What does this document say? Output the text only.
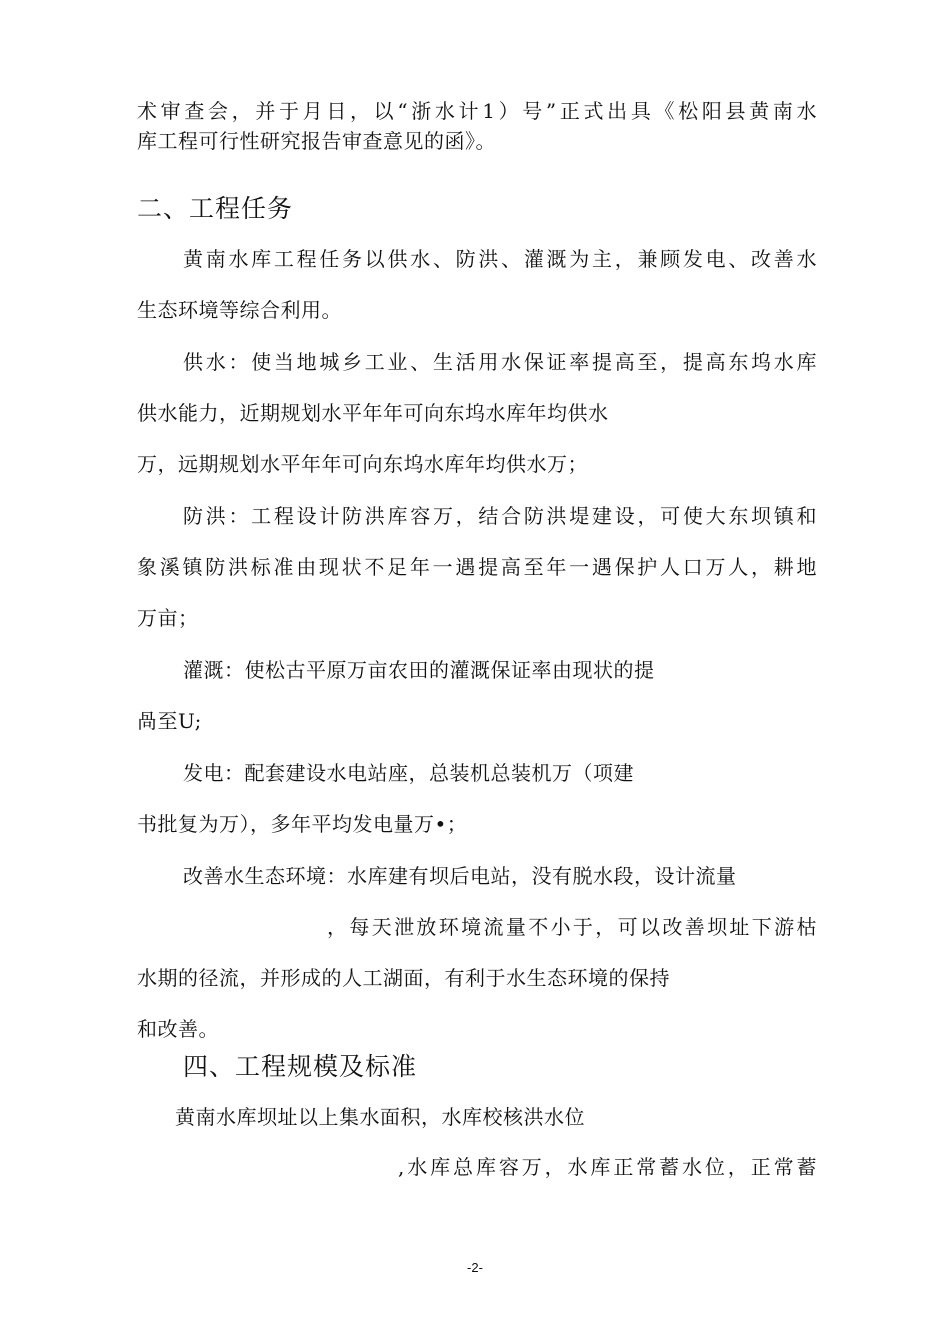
术审查会，并于月日，以“浙水计1）号”正式出具《松阳县黄南水
库工程可行性研究报告审查意见的函》。
二、工程任务
黄南水库工程任务以供水、防洪、灌溉为主，兼顾发电、改善水
生态环境等综合利用。
供水：使当地城乡工业、生活用水保证率提高至，提高东坞水库
供水能力，近期规划水平年年可向东坞水库年均供水
万，远期规划水平年年可向东坞水库年均供水万；
防洪：工程设计防洪库容万，结合防洪堤建设，可使大东坝镇和
象溪镇防洪标准由现状不足年一遇提高至年一遇保护人口万人，耕地
万亩；
灌溉：使松古平原万亩农田的灌溉保证率由现状的提
咼至U;
发电：配套建设水电站座，总装机总装机万（项建
书批复为万），多年平均发电量万•；
改善水生态环境：水库建有坝后电站，没有脱水段，设计流量
，每天泄放环境流量不小于，可以改善坝址下游枯
水期的径流，并形成的人工湖面，有利于水生态环境的保持
和改善。
四、工程规模及标准
黄南水库坝址以上集水面积，水库校核洪水位
,水库总库容万，水库正常蓄水位，正常蓄
-2-
